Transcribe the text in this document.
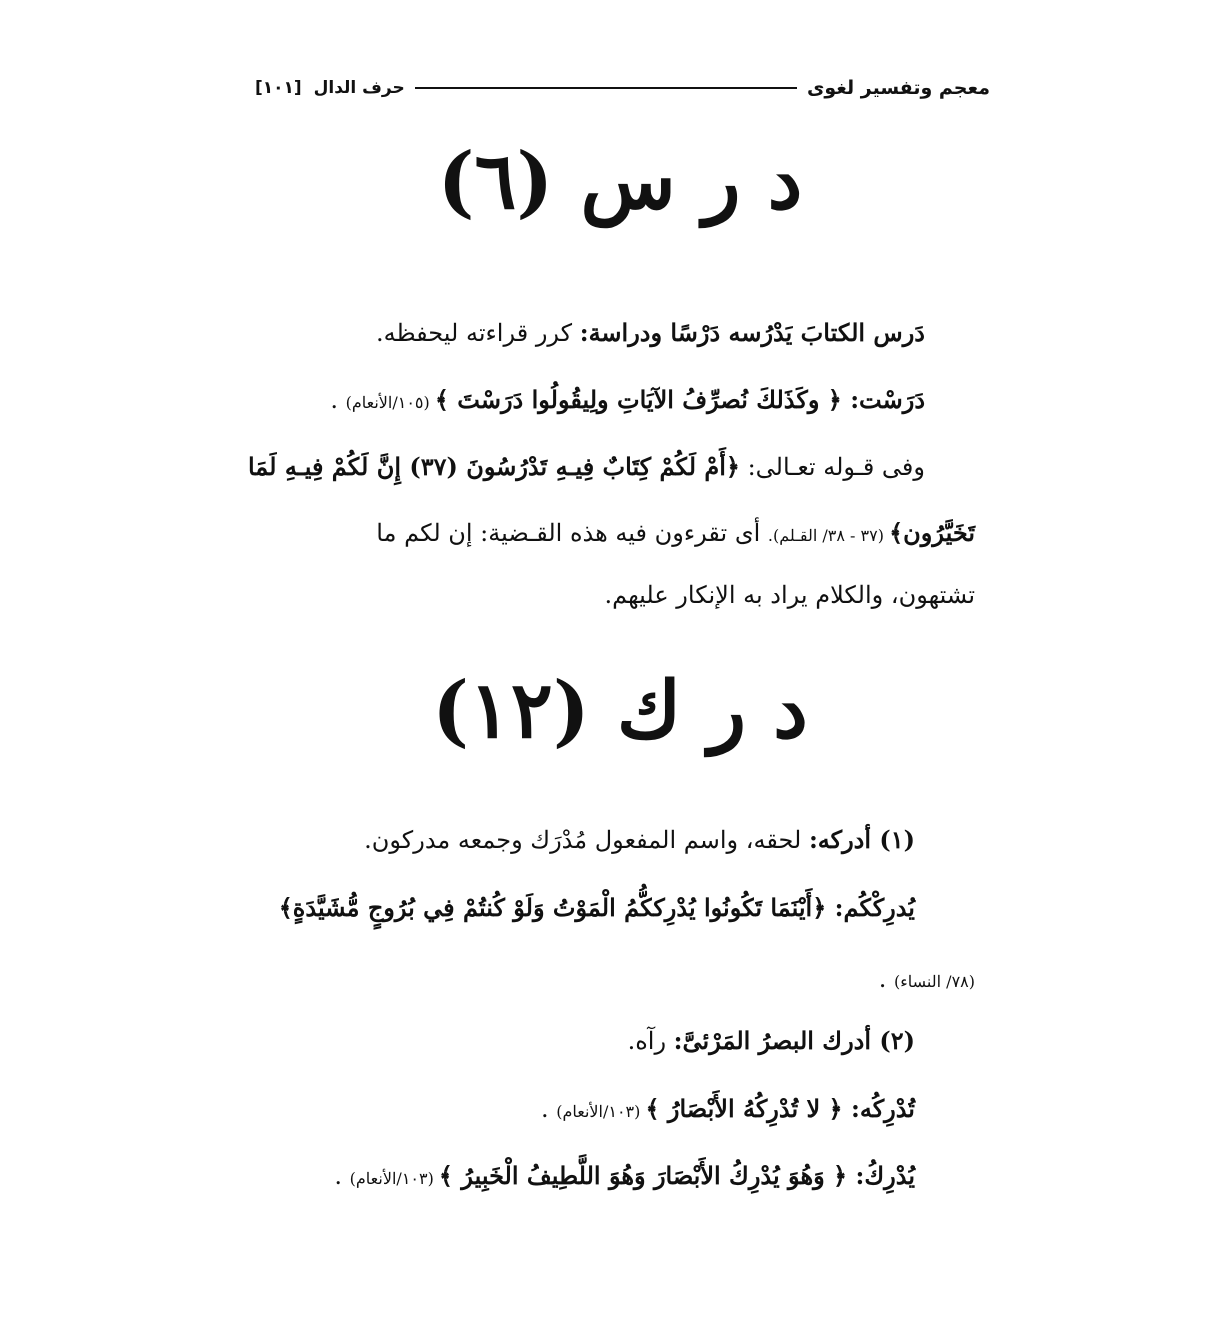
معجم وتفسير لغوى
حرف الدال [١٠١]
د ر س (٦)
دَرس الكتابَ يَدْرُسه دَرْسًا ودراسة: كرر قراءته ليحفظه.
دَرَسْت: ﴿ وكَذَلكَ نُصرِّفُ الآيَاتِ ولِيقُولُوا دَرَسْتَ ﴾ (١٠٥/الأنعام) .
وفى قـوله تعـالى: ﴿أَمْ لَكُمْ كِتَابٌ فِيـهِ تَدْرُسُونَ (٣٧) إِنَّ لَكُمْ فِيـهِ لَمَا
تَخَيَّرُون﴾ (٣٧ - ٣٨/ القـلم). أى تقرءون فيه هذه القـضية: إن لكم ما
تشتهون، والكلام يراد به الإنكار عليهم.
د ر ك (١٢)
(١) أدركه: لحقه، واسم المفعول مُدْرَك وجمعه مدركون.
يُدرِكْكُم: ﴿أَيْنَمَا تَكُونُوا يُدْرِككُّمُ الْمَوْتُ وَلَوْ كُنتُمْ فِي بُرُوجٍ مُّشَيَّدَةٍ﴾
(٧٨/ النساء) .
(٢) أدرك البصرُ المَرْئىَّ: رآه.
تُدْرِكُه: ﴿ لا تُدْرِكُهُ الأَبْصَارُ ﴾ (١٠٣/الأنعام) .
يُدْرِكُ: ﴿ وَهُوَ يُدْرِكُ الأَبْصَارَ وَهُوَ اللَّطِيفُ الْخَبِيرُ ﴾ (١٠٣/الأنعام) .
